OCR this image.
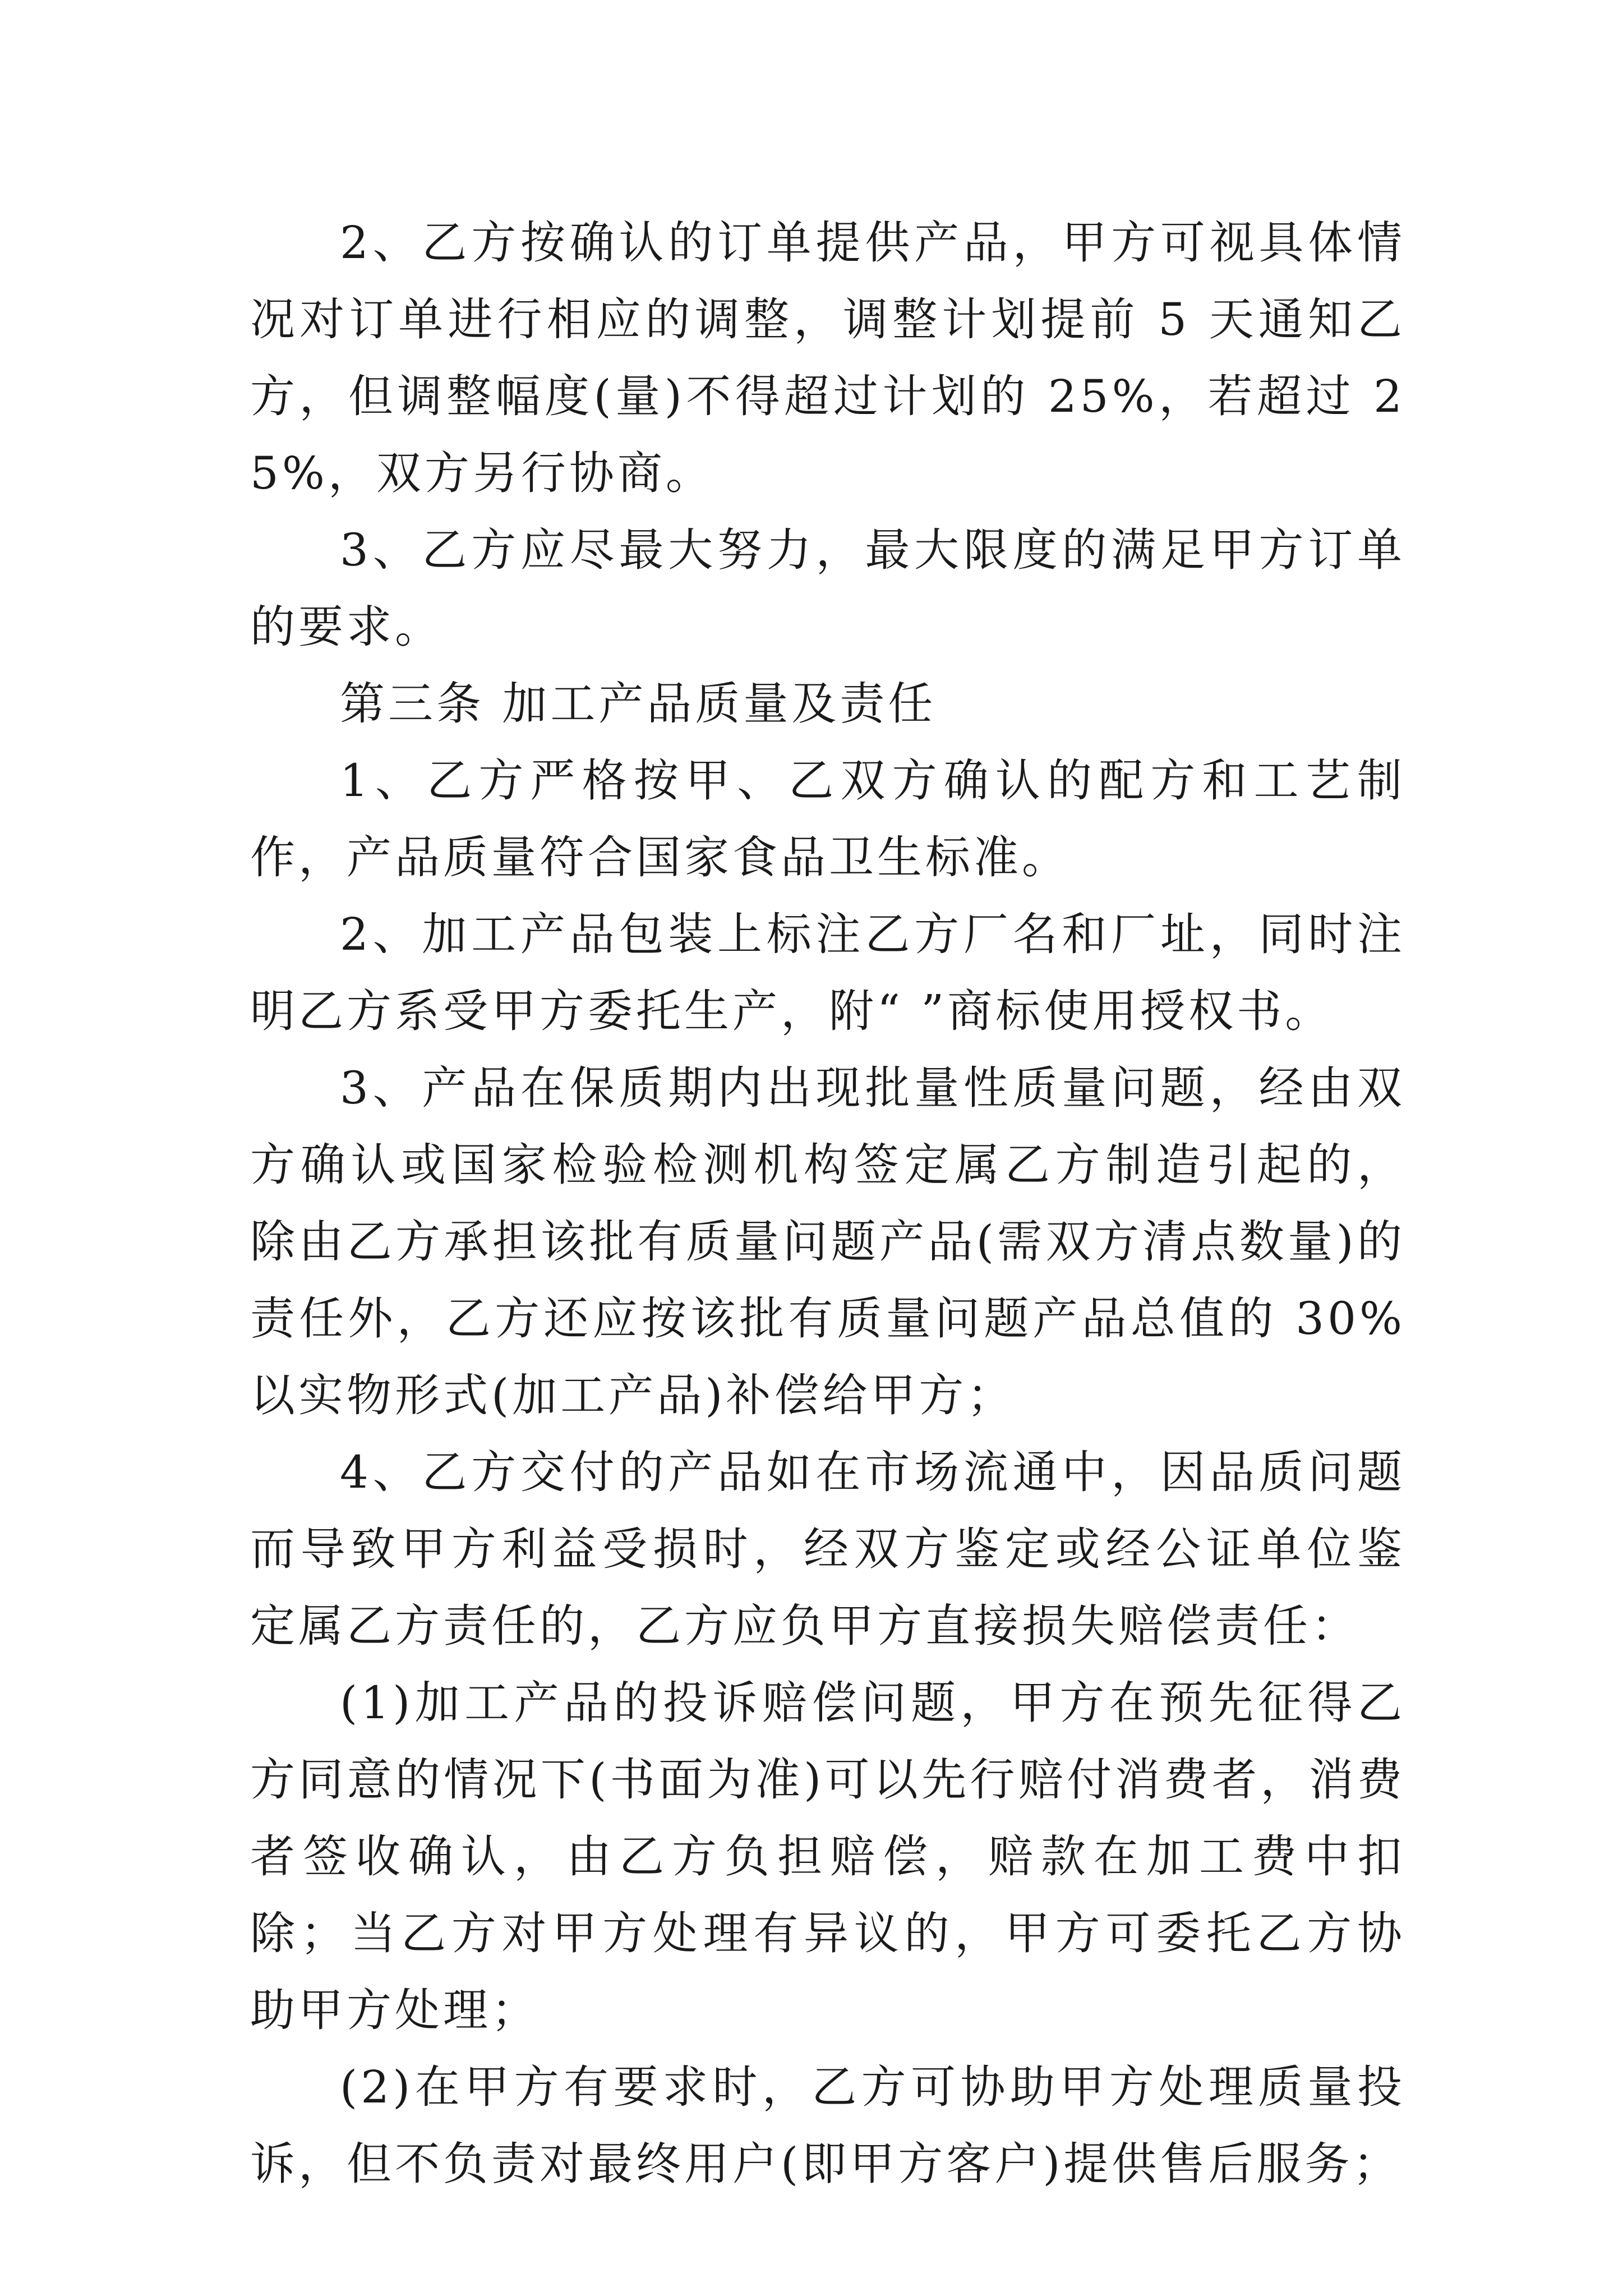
2、乙方按确认的订单提供产品，甲方可视具体情况对订单进行相应的调整，调整计划提前 5 天通知乙方，但调整幅度(量)不得超过计划的 25%，若超过 25%，双方另行协商。

3、乙方应尽最大努力，最大限度的满足甲方订单的要求。

第三条 加工产品质量及责任

1、乙方严格按甲、乙双方确认的配方和工艺制作，产品质量符合国家食品卫生标准。

2、加工产品包装上标注乙方厂名和厂址，同时注明乙方系受甲方委托生产，附“ ”商标使用授权书。

3、产品在保质期内出现批量性质量问题，经由双方确认或国家检验检测机构签定属乙方制造引起的，除由乙方承担该批有质量问题产品(需双方清点数量)的责任外，乙方还应按该批有质量问题产品总值的 30%以实物形式(加工产品)补偿给甲方；

4、乙方交付的产品如在市场流通中，因品质问题而导致甲方利益受损时，经双方鉴定或经公证单位鉴定属乙方责任的，乙方应负甲方直接损失赔偿责任：

(1)加工产品的投诉赔偿问题，甲方在预先征得乙方同意的情况下(书面为准)可以先行赔付消费者，消费者签收确认，由乙方负担赔偿，赔款在加工费中扣除；当乙方对甲方处理有异议的，甲方可委托乙方协助甲方处理；

(2)在甲方有要求时，乙方可协助甲方处理质量投诉，但不负责对最终用户(即甲方客户)提供售后服务；
